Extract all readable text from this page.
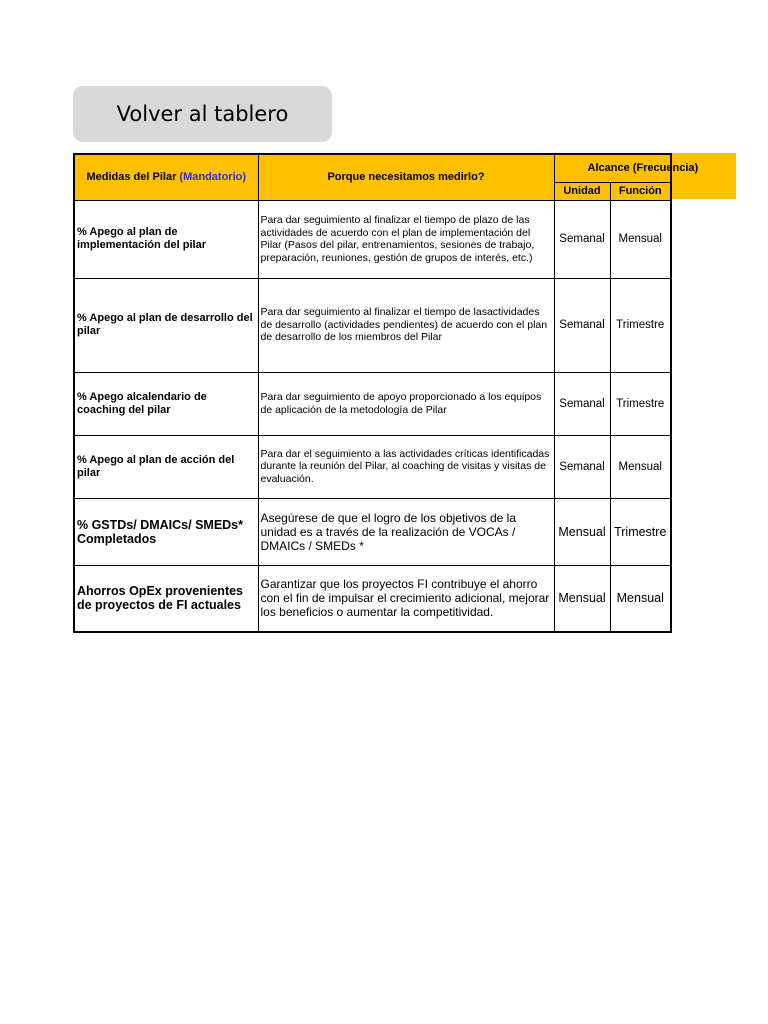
Volver al tablero
Medidas del Pilar (Mandatorio)	Porque necesitamos medirlo?	Alcance (Frecuencia)	
		Unidad	Función
% Apego al plan de implementación del pilar	Para dar seguimiento al finalizar el tiempo de plazo de las actividades de acuerdo con el plan de implementación del Pilar (Pasos del pilar, entrenamientos, sesiones de trabajo, preparación, reuniones, gestión de grupos de interés, etc.)	Semanal	Mensual
% Apego al plan de desarrollo del pilar	Para dar seguimiento al finalizar el tiempo de lasactividades de desarrollo (actividades pendientes) de acuerdo con el plan de desarrollo de los miembros del Pilar	Semanal	Trimestre
% Apego alcalendario de coaching del pilar	Para dar seguimiento de apoyo proporcionado a los equipos de aplicación de la metodología de Pilar	Semanal	Trimestre
% Apego al plan de acción del pilar	Para dar el seguimiento a las actividades críticas identificadas durante la reunión del Pilar, al coaching de visitas y visitas de evaluación.	Semanal	Mensual
% GSTDs/ DMAICs/ SMEDs* Completados	Asegúrese de que el logro de los objetivos de la unidad es a través de la realización de VOCAs / DMAICs / SMEDs *	Mensual	Trimestre
Ahorros OpEx provenientes de proyectos de FI actuales	Garantizar que los proyectos FI contribuye el ahorro con el fin de impulsar el crecimiento adicional, mejorar los beneficios o aumentar la competitividad.	Mensual	Mensual
